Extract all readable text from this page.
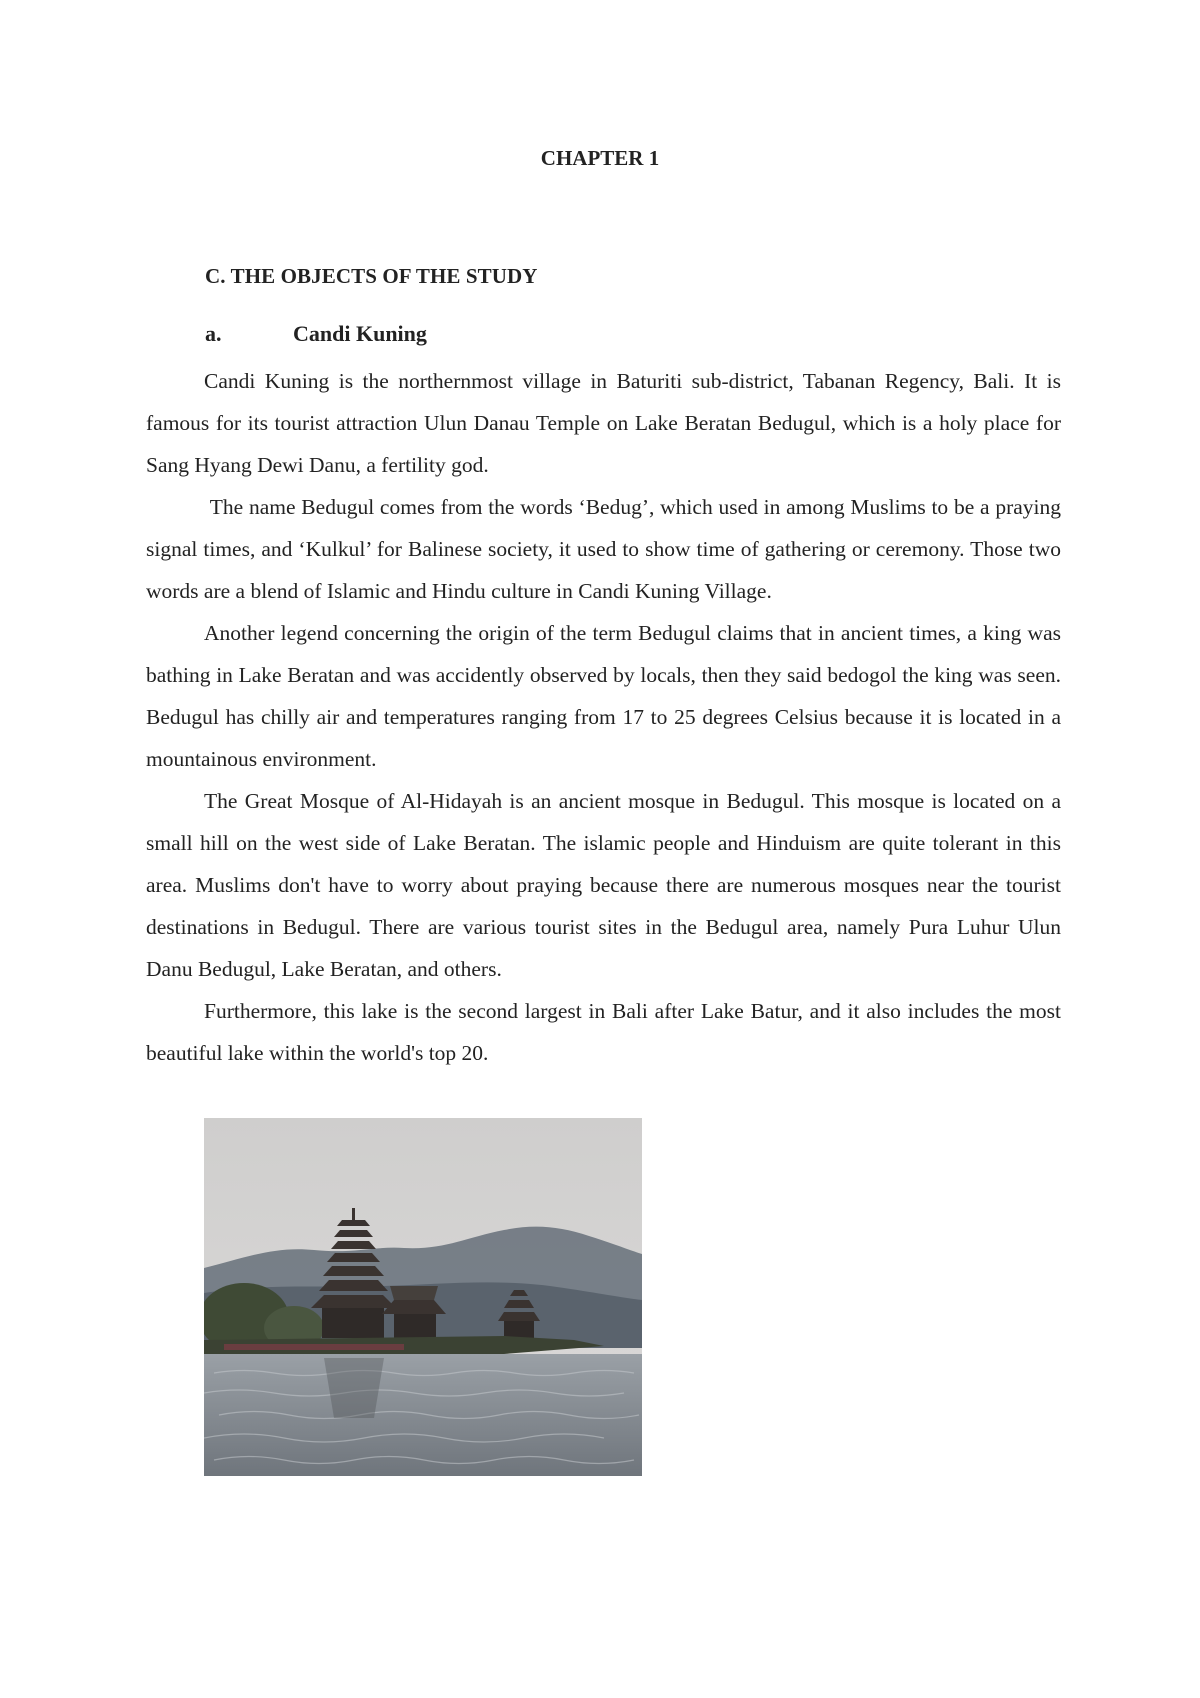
CHAPTER 1
C. THE OBJECTS OF THE STUDY
a.	Candi Kuning

Candi Kuning is the northernmost village in Baturiti sub-district, Tabanan Regency, Bali. It is famous for its tourist attraction Ulun Danau Temple on Lake Beratan Bedugul, which is a holy place for Sang Hyang Dewi Danu, a fertility god.

The name Bedugul comes from the words ‘Bedug’, which used in among Muslims to be a praying signal times, and ‘Kulkul’ for Balinese society, it used to show time of gathering or ceremony. Those two words are a blend of Islamic and Hindu culture in Candi Kuning Village.

Another legend concerning the origin of the term Bedugul claims that in ancient times, a king was bathing in Lake Beratan and was accidently observed by locals, then they said bedogol the king was seen. Bedugul has chilly air and temperatures ranging from 17 to 25 degrees Celsius because it is located in a mountainous environment.

The Great Mosque of Al-Hidayah is an ancient mosque in Bedugul. This mosque is located on a small hill on the west side of Lake Beratan. The islamic people and Hinduism are quite tolerant in this area. Muslims don't have to worry about praying because there are numerous mosques near the tourist destinations in Bedugul. There are various tourist sites in the Bedugul area, namely Pura Luhur Ulun Danu Bedugul, Lake Beratan, and others.

Furthermore, this lake is the second largest in Bali after Lake Batur, and it also includes the most beautiful lake within the world's top 20.
